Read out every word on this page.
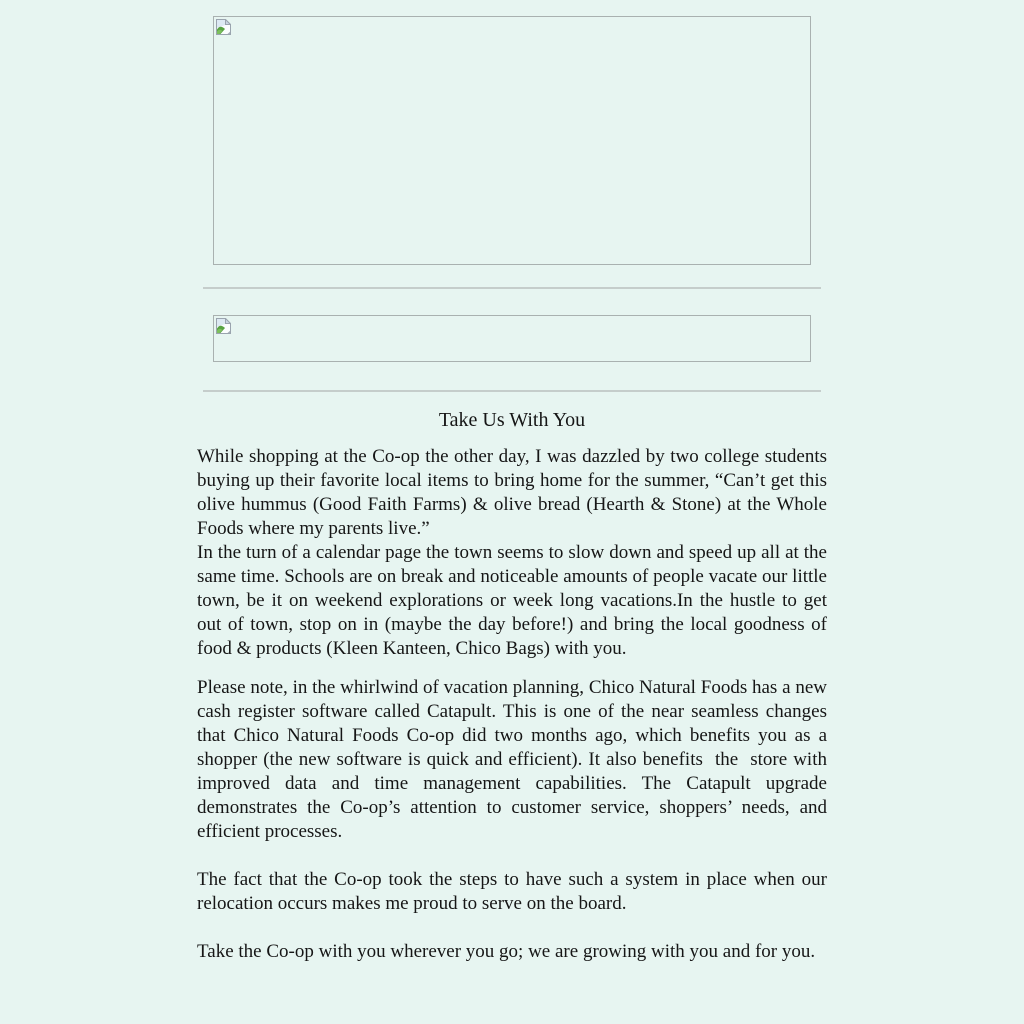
Take Us With You

While shopping at the Co-op the other day, I was dazzled by two college students buying up their favorite local items to bring home for the summer, “Can’t get this olive hummus (Good Faith Farms) & olive bread (Hearth & Stone) at the Whole Foods where my parents live.”

In the turn of a calendar page the town seems to slow down and speed up all at the same time. Schools are on break and noticeable amounts of people vacate our little town, be it on weekend explorations or week long vacations.In the hustle to get out of town, stop on in (maybe the day before!) and bring the local goodness of food & products (Kleen Kanteen, Chico Bags) with you.

Please note, in the whirlwind of vacation planning, Chico Natural Foods has a new cash register software called Catapult. This is one of the near seamless changes that Chico Natural Foods Co-op did two months ago, which benefits you as a shopper (the new software is quick and efficient). It also benefits  the  store with improved data and time management capabilities. The Catapult upgrade demonstrates the Co-op’s attention to customer service, shoppers’ needs, and efficient processes.

The fact that the Co-op took the steps to have such a system in place when our relocation occurs makes me proud to serve on the board.

Take the Co-op with you wherever you go; we are growing with you and for you.
